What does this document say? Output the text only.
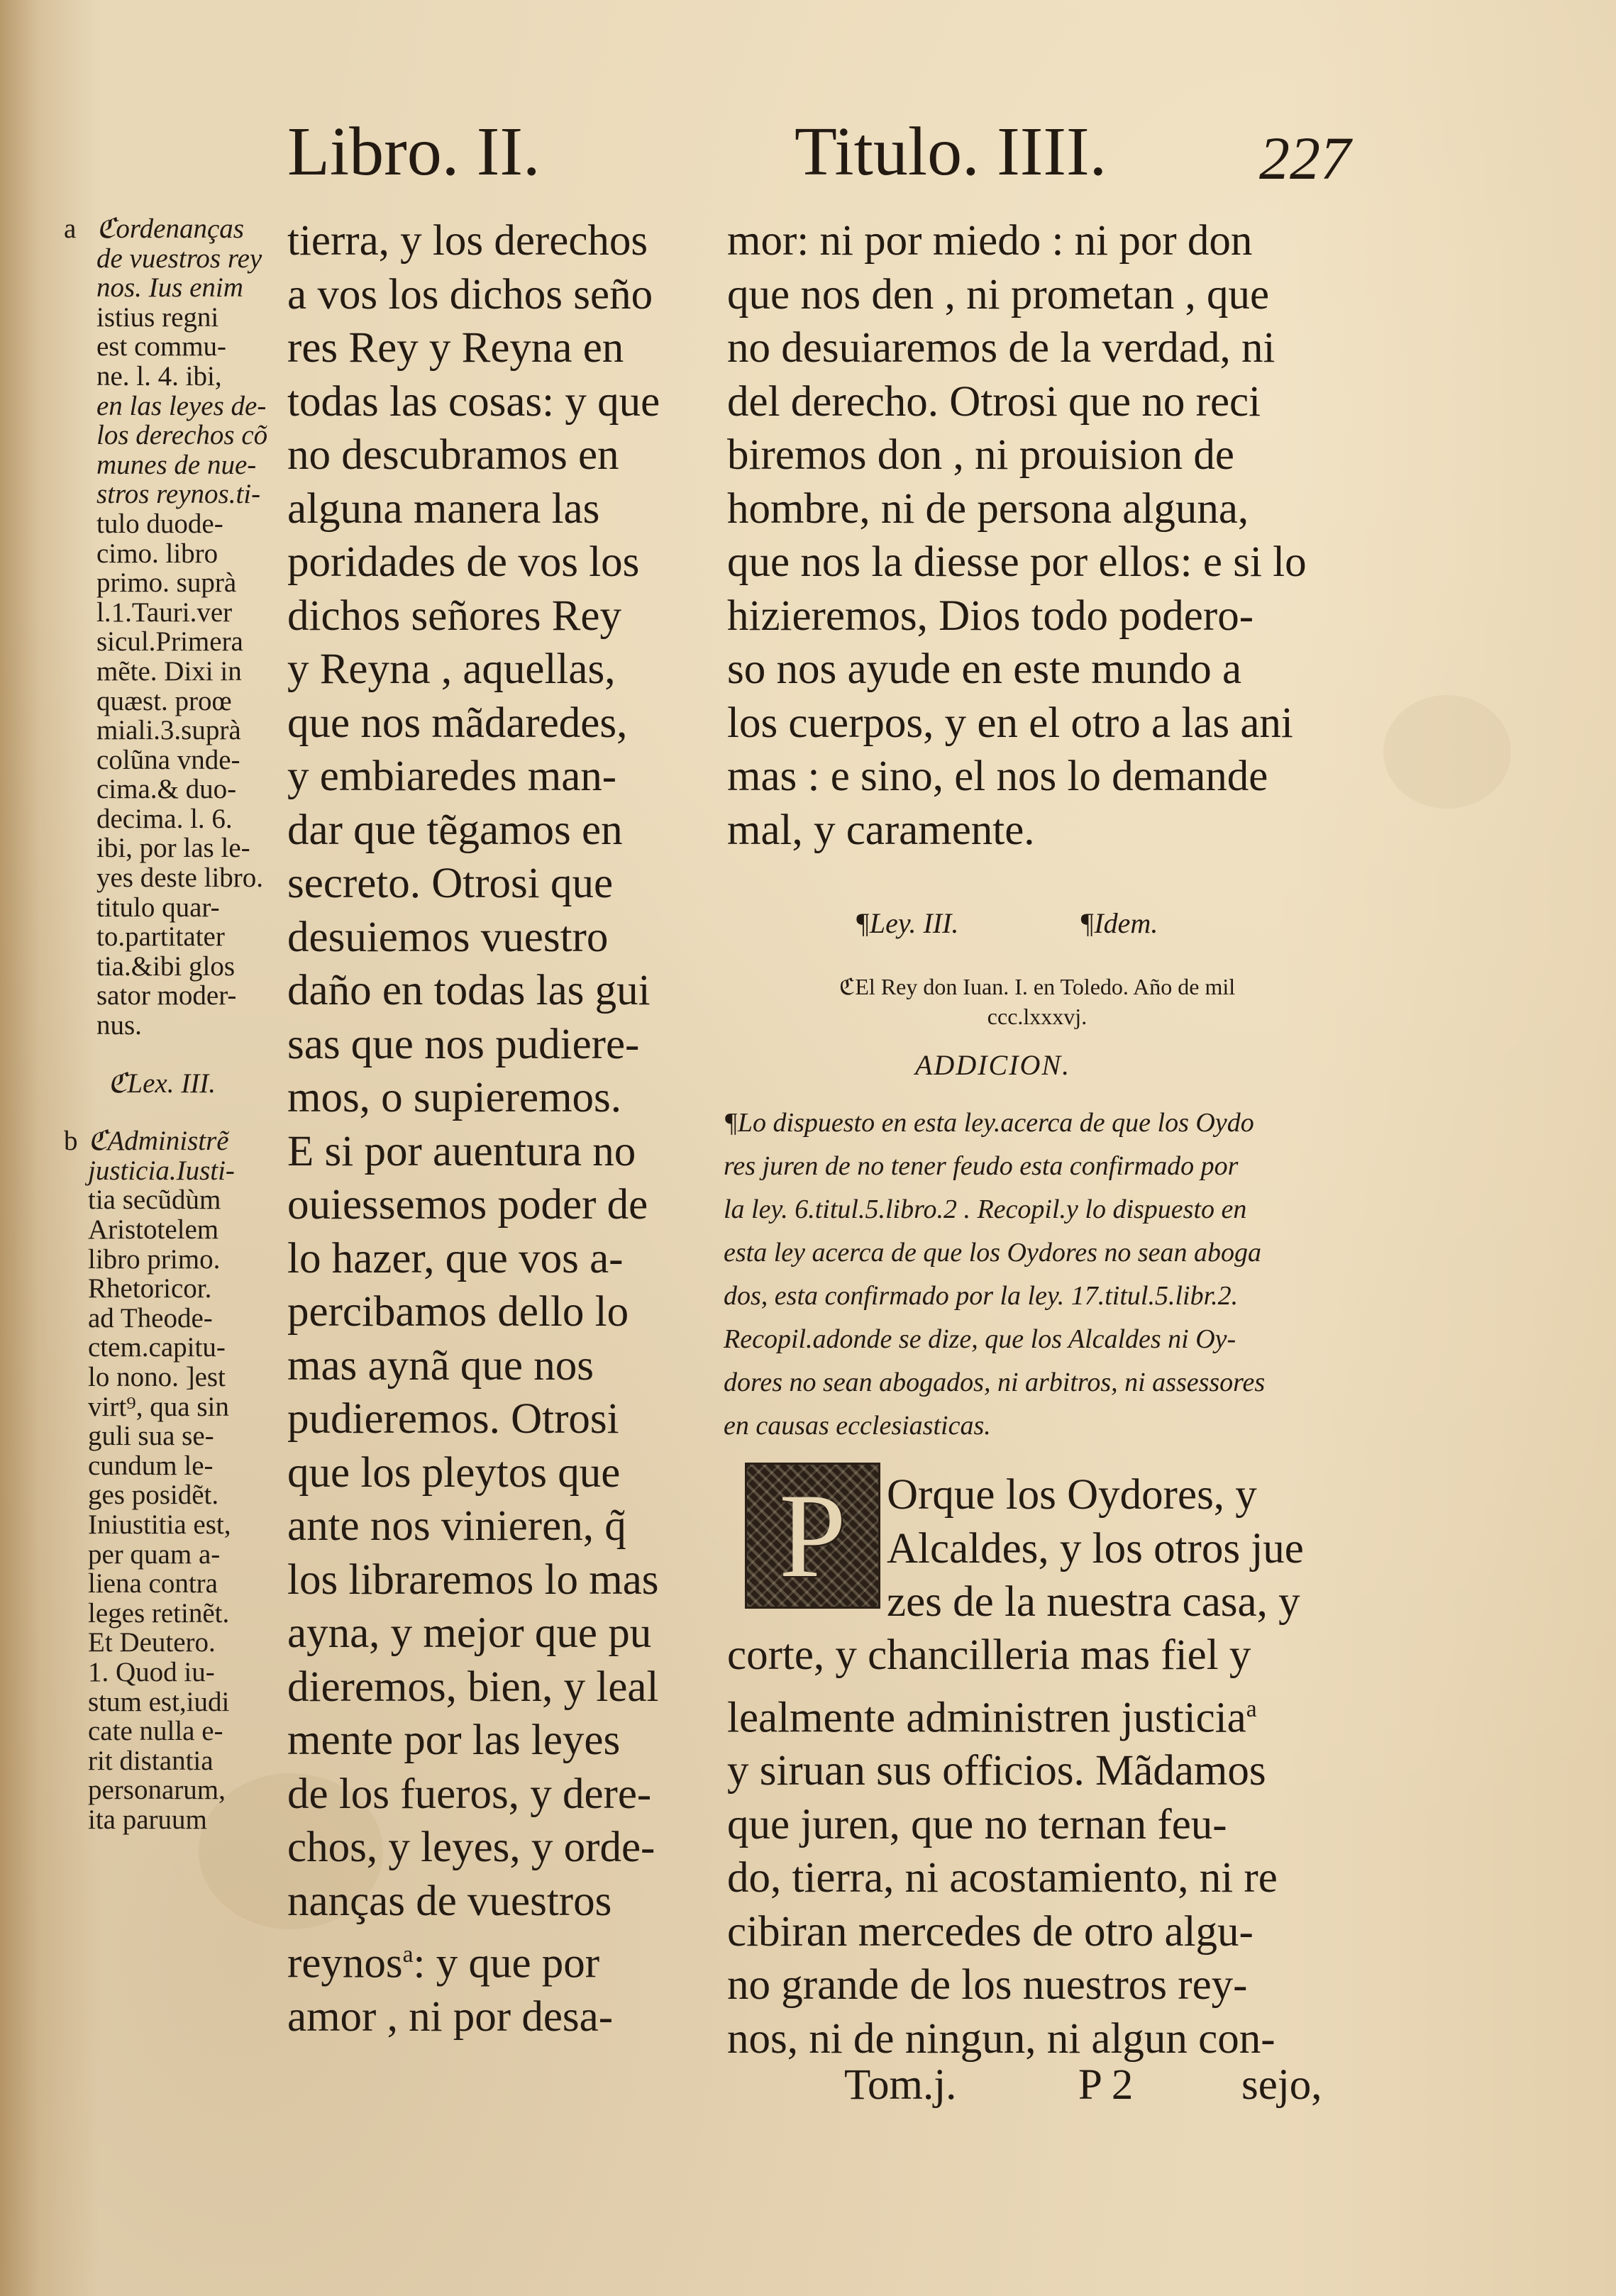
Libro. II.	Titulo. IIII. 227
a ℭordenanças
de vuestros rey
nos. Ius enim
istius regni
est commu-
ne. l. 4. ibi,
en las leyes de-
los derechos cõ
munes de nue-
stros reynos.ti-
tulo duode-
cimo. libro
primo. suprà
l.1.Tauri.ver
sicul.Primera
mẽte. Dixi in
quæst. proœ
miali.3.suprà
colũna vnde-
cima.& duo-
decima. l. 6.
ibi, por las le-
yes deste libro.
titulo quar-
to.partitater
tia.&ibi glos
sator moder-
nus.
ℭLex. III.
b ℭAdministrẽ
justicia.Iusti-
tia secũdùm
Aristotelem
libro primo.
Rhetoricor.
ad Theode-
ctem.capitu-
lo nono. ]est
virt⁹, qua sin
guli sua se-
cundum le-
ges posidẽt.
Iniustitia est,
per quam a-
liena contra
leges retinẽt.
Et Deutero.
1. Quod iu-
stum est,iudi
cate nulla e-
rit distantia
personarum,
ita paruum
tierra, y los derechos
a vos los dichos seño
res Rey y Reyna en
todas las cosas: y que
no descubramos en
alguna manera las
poridades de vos los
dichos señores Rey
y Reyna , aquellas,
que nos mãdaredes,
y embiaredes man-
dar que tẽgamos en
secreto. Otrosi que
desuiemos vuestro
daño en todas las gui
sas que nos pudiere-
mos, o supieremos.
E si por auentura no
ouiessemos poder de
lo hazer, que vos a-
percibamos dello lo
mas aynã que nos
pudieremos. Otrosi
que los pleytos que
ante nos vinieren, q̃
los libraremos lo mas
ayna, y mejor que pu
dieremos, bien, y leal
mente por las leyes
de los fueros, y dere-
chos, y leyes, y orde-
nanças de vuestros
reynos$^a$: y que por
amor , ni por desa-
mor: ni por miedo : ni por don
que nos den , ni prometan , que
no desuiaremos de la verdad, ni
del derecho. Otrosi que no reci
biremos don , ni prouision de
hombre, ni de persona alguna,
que nos la diesse por ellos: e si lo
hizieremos, Dios todo podero-
so nos ayude en este mundo a
los cuerpos, y en el otro a las ani
mas : e sino, el nos lo demande
mal, y caramente.
¶Ley. III.	¶Idem.
ℭEl Rey don Iuan. I. en Toledo. Año de mil
ccc.lxxxvj.
ADDICION.
¶Lo dispuesto en esta ley.acerca de que los Oydo
res juren de no tener feudo esta confirmado por
la ley. 6.titul.5.libro.2 . Recopil.y lo dispuesto en
esta ley acerca de que los Oydores no sean aboga
dos, esta confirmado por la ley. 17.titul.5.libr.2.
Recopil.adonde se dize, que los Alcaldes ni Oy-
dores no sean abogados, ni arbitros, ni assessores
en causas ecclesiasticas.
P Orque los Oydores, y
Alcaldes, y los otros jue
zes de la nuestra casa, y
corte, y chancilleria mas fiel y
lealmente administren justicia$^a$
y siruan sus officios. Mãdamos
que juren, que no ternan feu-
do, tierra, ni acostamiento, ni re
cibiran mercedes de otro algu-
no grande de los nuestros rey-
nos, ni de ningun, ni algun con-
Tom.j.	P 2	sejo,
